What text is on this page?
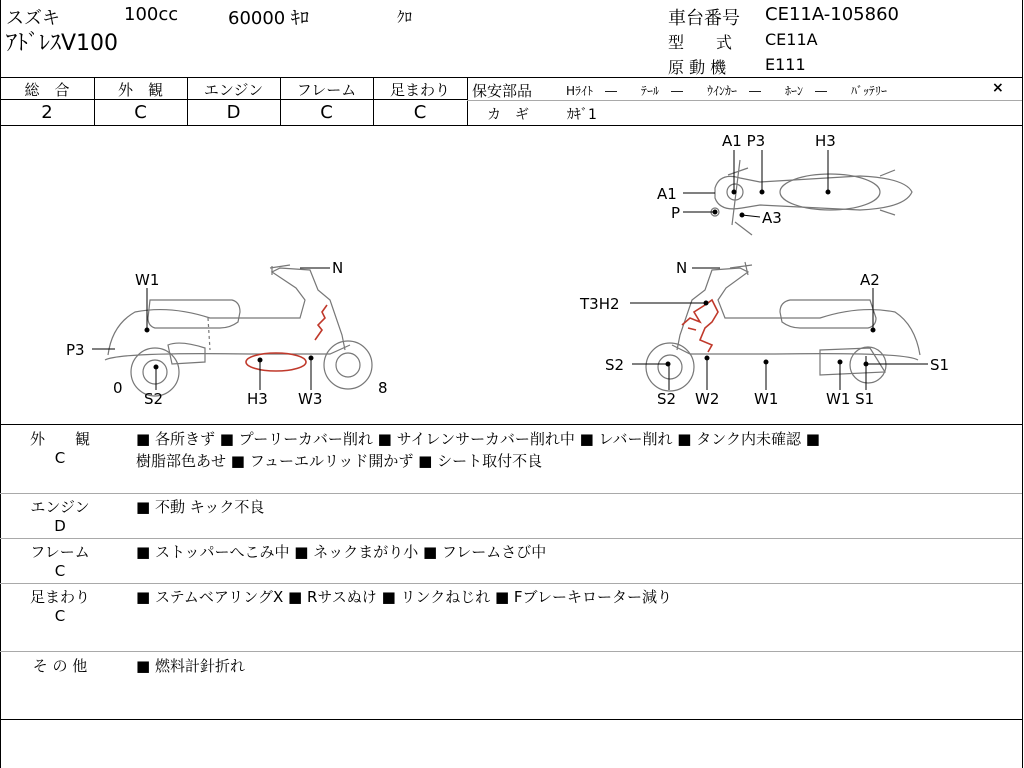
スズキ	100cc	60000 ｷﾛ	ｸﾛ
ｱﾄﾞﾚｽV100
車台番号 CE11A-105860
型　　式 CE11A
原 動 機 E111
総　合
2
外　観
C
エンジン
D
フレーム
C
足まわり
C
保安部品	Hﾗｲﾄ　―　　ﾃｰﾙ　―　　ｳｲﾝｶｰ　―　　ﾎｰﾝ　―　　ﾊﾞｯﾃﾘｰ	×
カ　ギ	ｶｷﾞ1
W1
N
P3
0	8
S2	H3 W3
N
A2
T3H2
S2	S1
S2 W2 W1	W1 S1
A1 P3	H3
A1
P	A3
外　　観
C
■ 各所きず ■ プーリーカバー削れ ■ サイレンサーカバー削れ中 ■ レバー削れ ■ タンク内未確認 ■
樹脂部色あせ ■ フューエルリッド開かず ■ シート取付不良
エンジン
D
■ 不動 キック不良
フレーム
C
■ ストッパーへこみ中 ■ ネックまがり小 ■ フレームさび中
足まわり
C
■ ステムベアリングX ■ Rサスぬけ ■ リンクねじれ ■ Fブレーキローター減り
そ の 他	■ 燃料計針折れ
